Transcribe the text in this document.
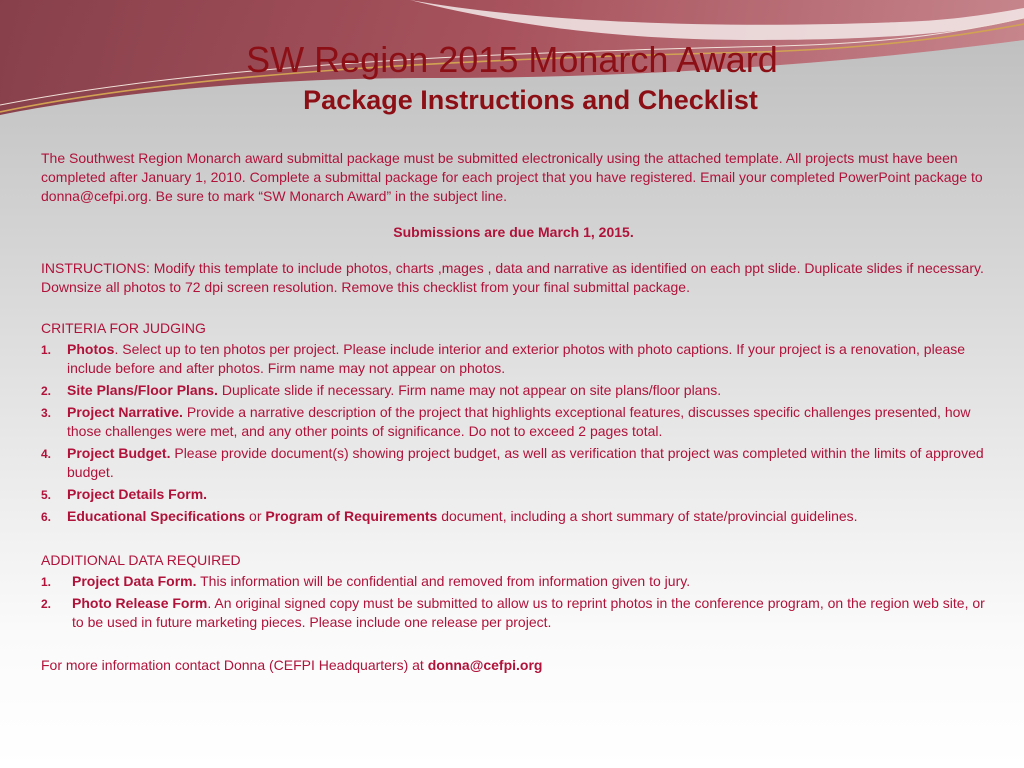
SW Region 2015 Monarch Award
Package Instructions and Checklist

The Southwest Region Monarch award submittal package must be submitted electronically using the attached template. All projects must have been completed after January 1, 2010. Complete a submittal package for each project that you have registered. Email your completed PowerPoint package to donna@cefpi.org. Be sure to mark “SW Monarch Award” in the subject line.

Submissions are due March 1, 2015.

INSTRUCTIONS: Modify this template to include photos, charts ,mages , data and narrative as identified on each ppt slide. Duplicate slides if necessary. Downsize all photos to 72 dpi screen resolution. Remove this checklist from your final submittal package.

CRITERIA FOR JUDGING
1. Photos. Select up to ten photos per project. Please include interior and exterior photos with photo captions. If your project is a renovation, please include before and after photos. Firm name may not appear on photos.
2. Site Plans/Floor Plans. Duplicate slide if necessary. Firm name may not appear on site plans/floor plans.
3. Project Narrative. Provide a narrative description of the project that highlights exceptional features, discusses specific challenges presented, how those challenges were met, and any other points of significance. Do not to exceed 2 pages total.
4. Project Budget. Please provide document(s) showing project budget, as well as verification that project was completed within the limits of approved budget.
5. Project Details Form.
6. Educational Specifications or Program of Requirements document, including a short summary of state/provincial guidelines.
ADDITIONAL DATA REQUIRED
1. Project Data Form. This information will be confidential and removed from information given to jury.
2. Photo Release Form. An original signed copy must be submitted to allow us to reprint photos in the conference program, on the region web site, or to be used in future marketing pieces. Please include one release per project.

For more information contact Donna (CEFPI Headquarters) at donna@cefpi.org
